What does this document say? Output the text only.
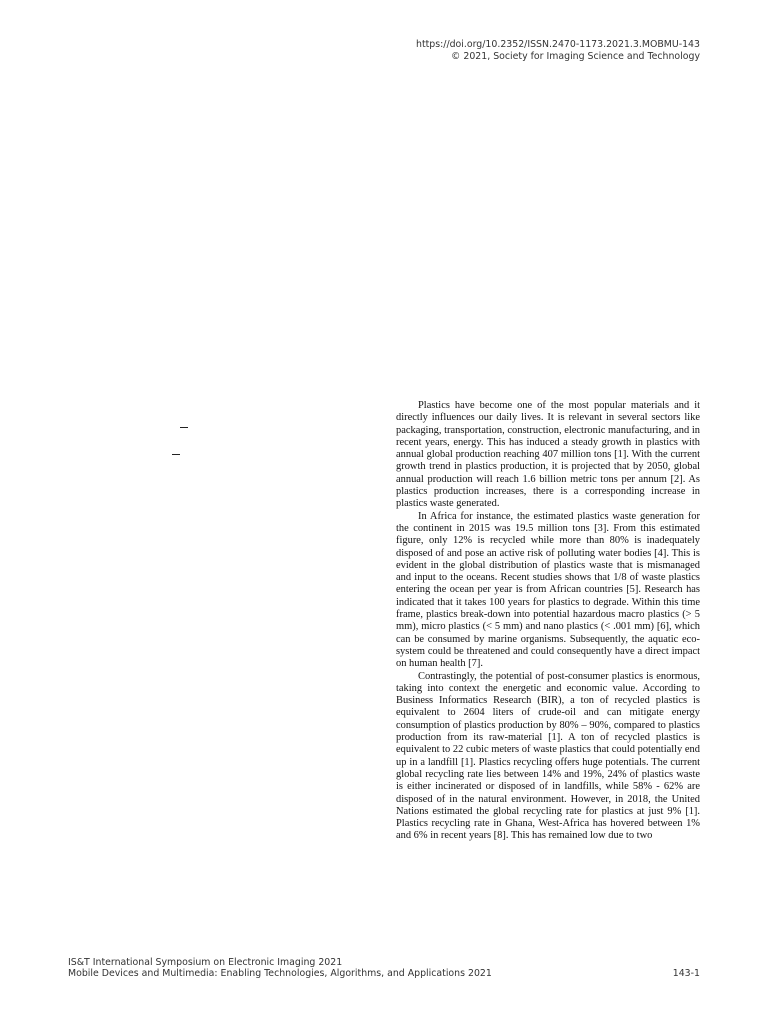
https://doi.org/10.2352/ISSN.2470-1173.2021.3.MOBMU-143
© 2021, Society for Imaging Science and Technology

Plastics have become one of the most popular materials and it directly influences our daily lives. It is relevant in several sectors like packaging, transportation, construction, electronic manufacturing, and in recent years, energy. This has induced a steady growth in plastics with annual global production reaching 407 million tons [1]. With the current growth trend in plastics production, it is projected that by 2050, global annual production will reach 1.6 billion metric tons per annum [2]. As plastics production increases, there is a corresponding increase in plastics waste generated.

In Africa for instance, the estimated plastics waste generation for the continent in 2015 was 19.5 million tons [3]. From this estimated figure, only 12% is recycled while more than 80% is inadequately disposed of and pose an active risk of polluting water bodies [4]. This is evident in the global distribution of plastics waste that is mismanaged and input to the oceans. Recent studies shows that 1/8 of waste plastics entering the ocean per year is from African countries [5]. Research has indicated that it takes 100 years for plastics to degrade. Within this time frame, plastics break-down into potential hazardous macro plastics (> 5 mm), micro plastics (< 5 mm) and nano plastics (< .001 mm) [6], which can be consumed by marine organisms. Subsequently, the aquatic eco-system could be threatened and could consequently have a direct impact on human health [7].

Contrastingly, the potential of post-consumer plastics is enormous, taking into context the energetic and economic value. According to Business Informatics Research (BIR), a ton of recycled plastics is equivalent to 2604 liters of crude-oil and can mitigate energy consumption of plastics production by 80% – 90%, compared to plastics production from its raw-material [1]. A ton of recycled plastics is equivalent to 22 cubic meters of waste plastics that could potentially end up in a landfill [1]. Plastics recycling offers huge potentials. The current global recycling rate lies between 14% and 19%, 24% of plastics waste is either incinerated or disposed of in landfills, while 58% - 62% are disposed of in the natural environment. However, in 2018, the United Nations estimated the global recycling rate for plastics at just 9% [1]. Plastics recycling rate in Ghana, West-Africa has hovered between 1% and 6% in recent years [8]. This has remained low due to two

IS&T International Symposium on Electronic Imaging 2021
Mobile Devices and Multimedia: Enabling Technologies, Algorithms, and Applications 2021	143-1
